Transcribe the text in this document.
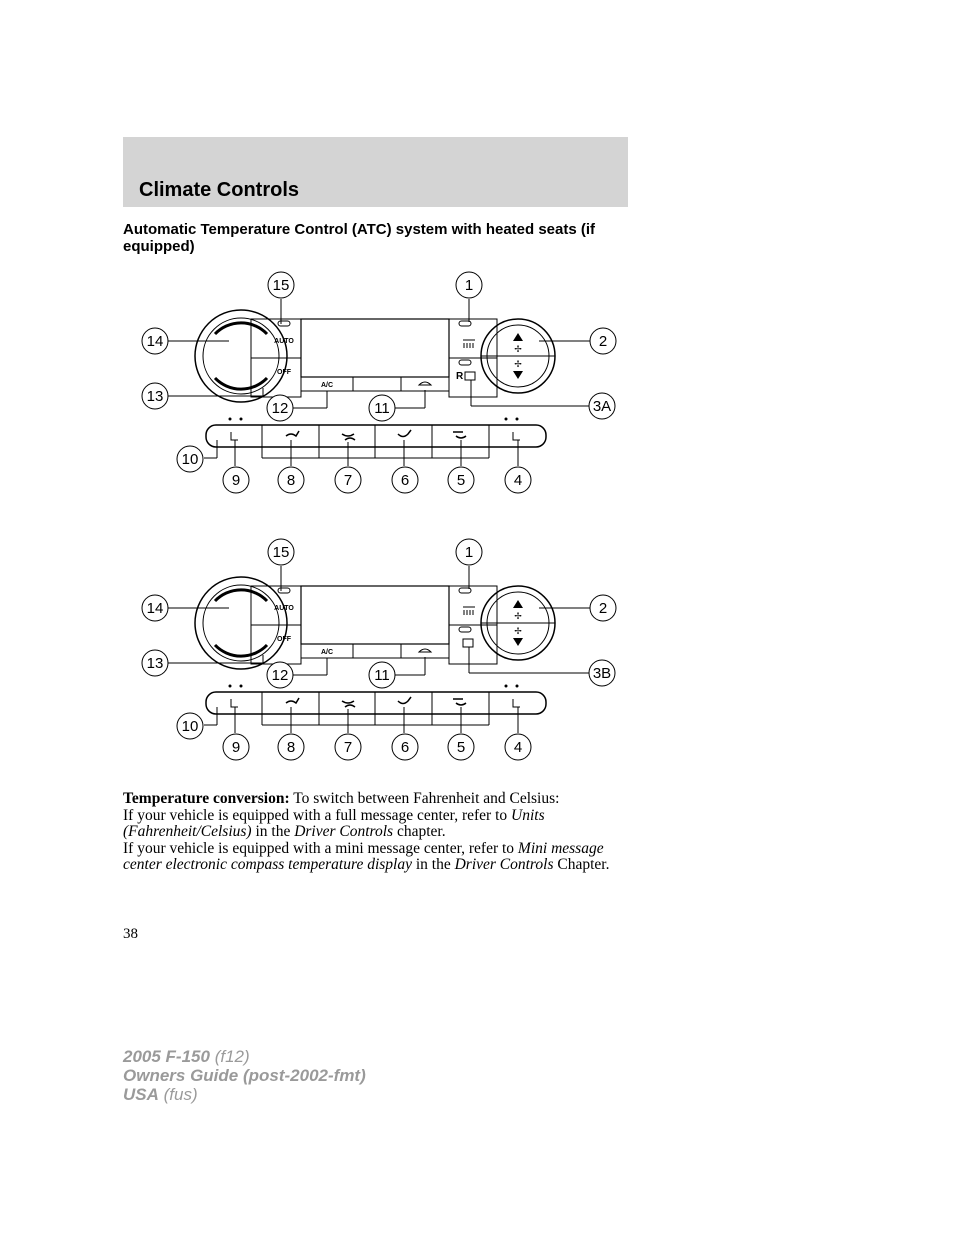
Climate Controls
Automatic Temperature Control (ATC) system with heated seats (if equipped)
AUTO
OFF
A/C
R
✢
✢
15	1
14	2
13
12	11	3A
10
9	8	7	6	5	4
AUTO
OFF
A/C
✢
✢
15	1
14	2
13
12	11	3B
10
9	8	7	6	5	4

Temperature conversion: To switch between Fahrenheit and Celsius:

If your vehicle is equipped with a full message center, refer to Units (Fahrenheit/Celsius) in the Driver Controls chapter.

If your vehicle is equipped with a mini message center, refer to Mini message center electronic compass temperature display in the Driver Controls Chapter.

38
2005 F-150 (f12)
Owners Guide (post-2002-fmt)
USA (fus)
